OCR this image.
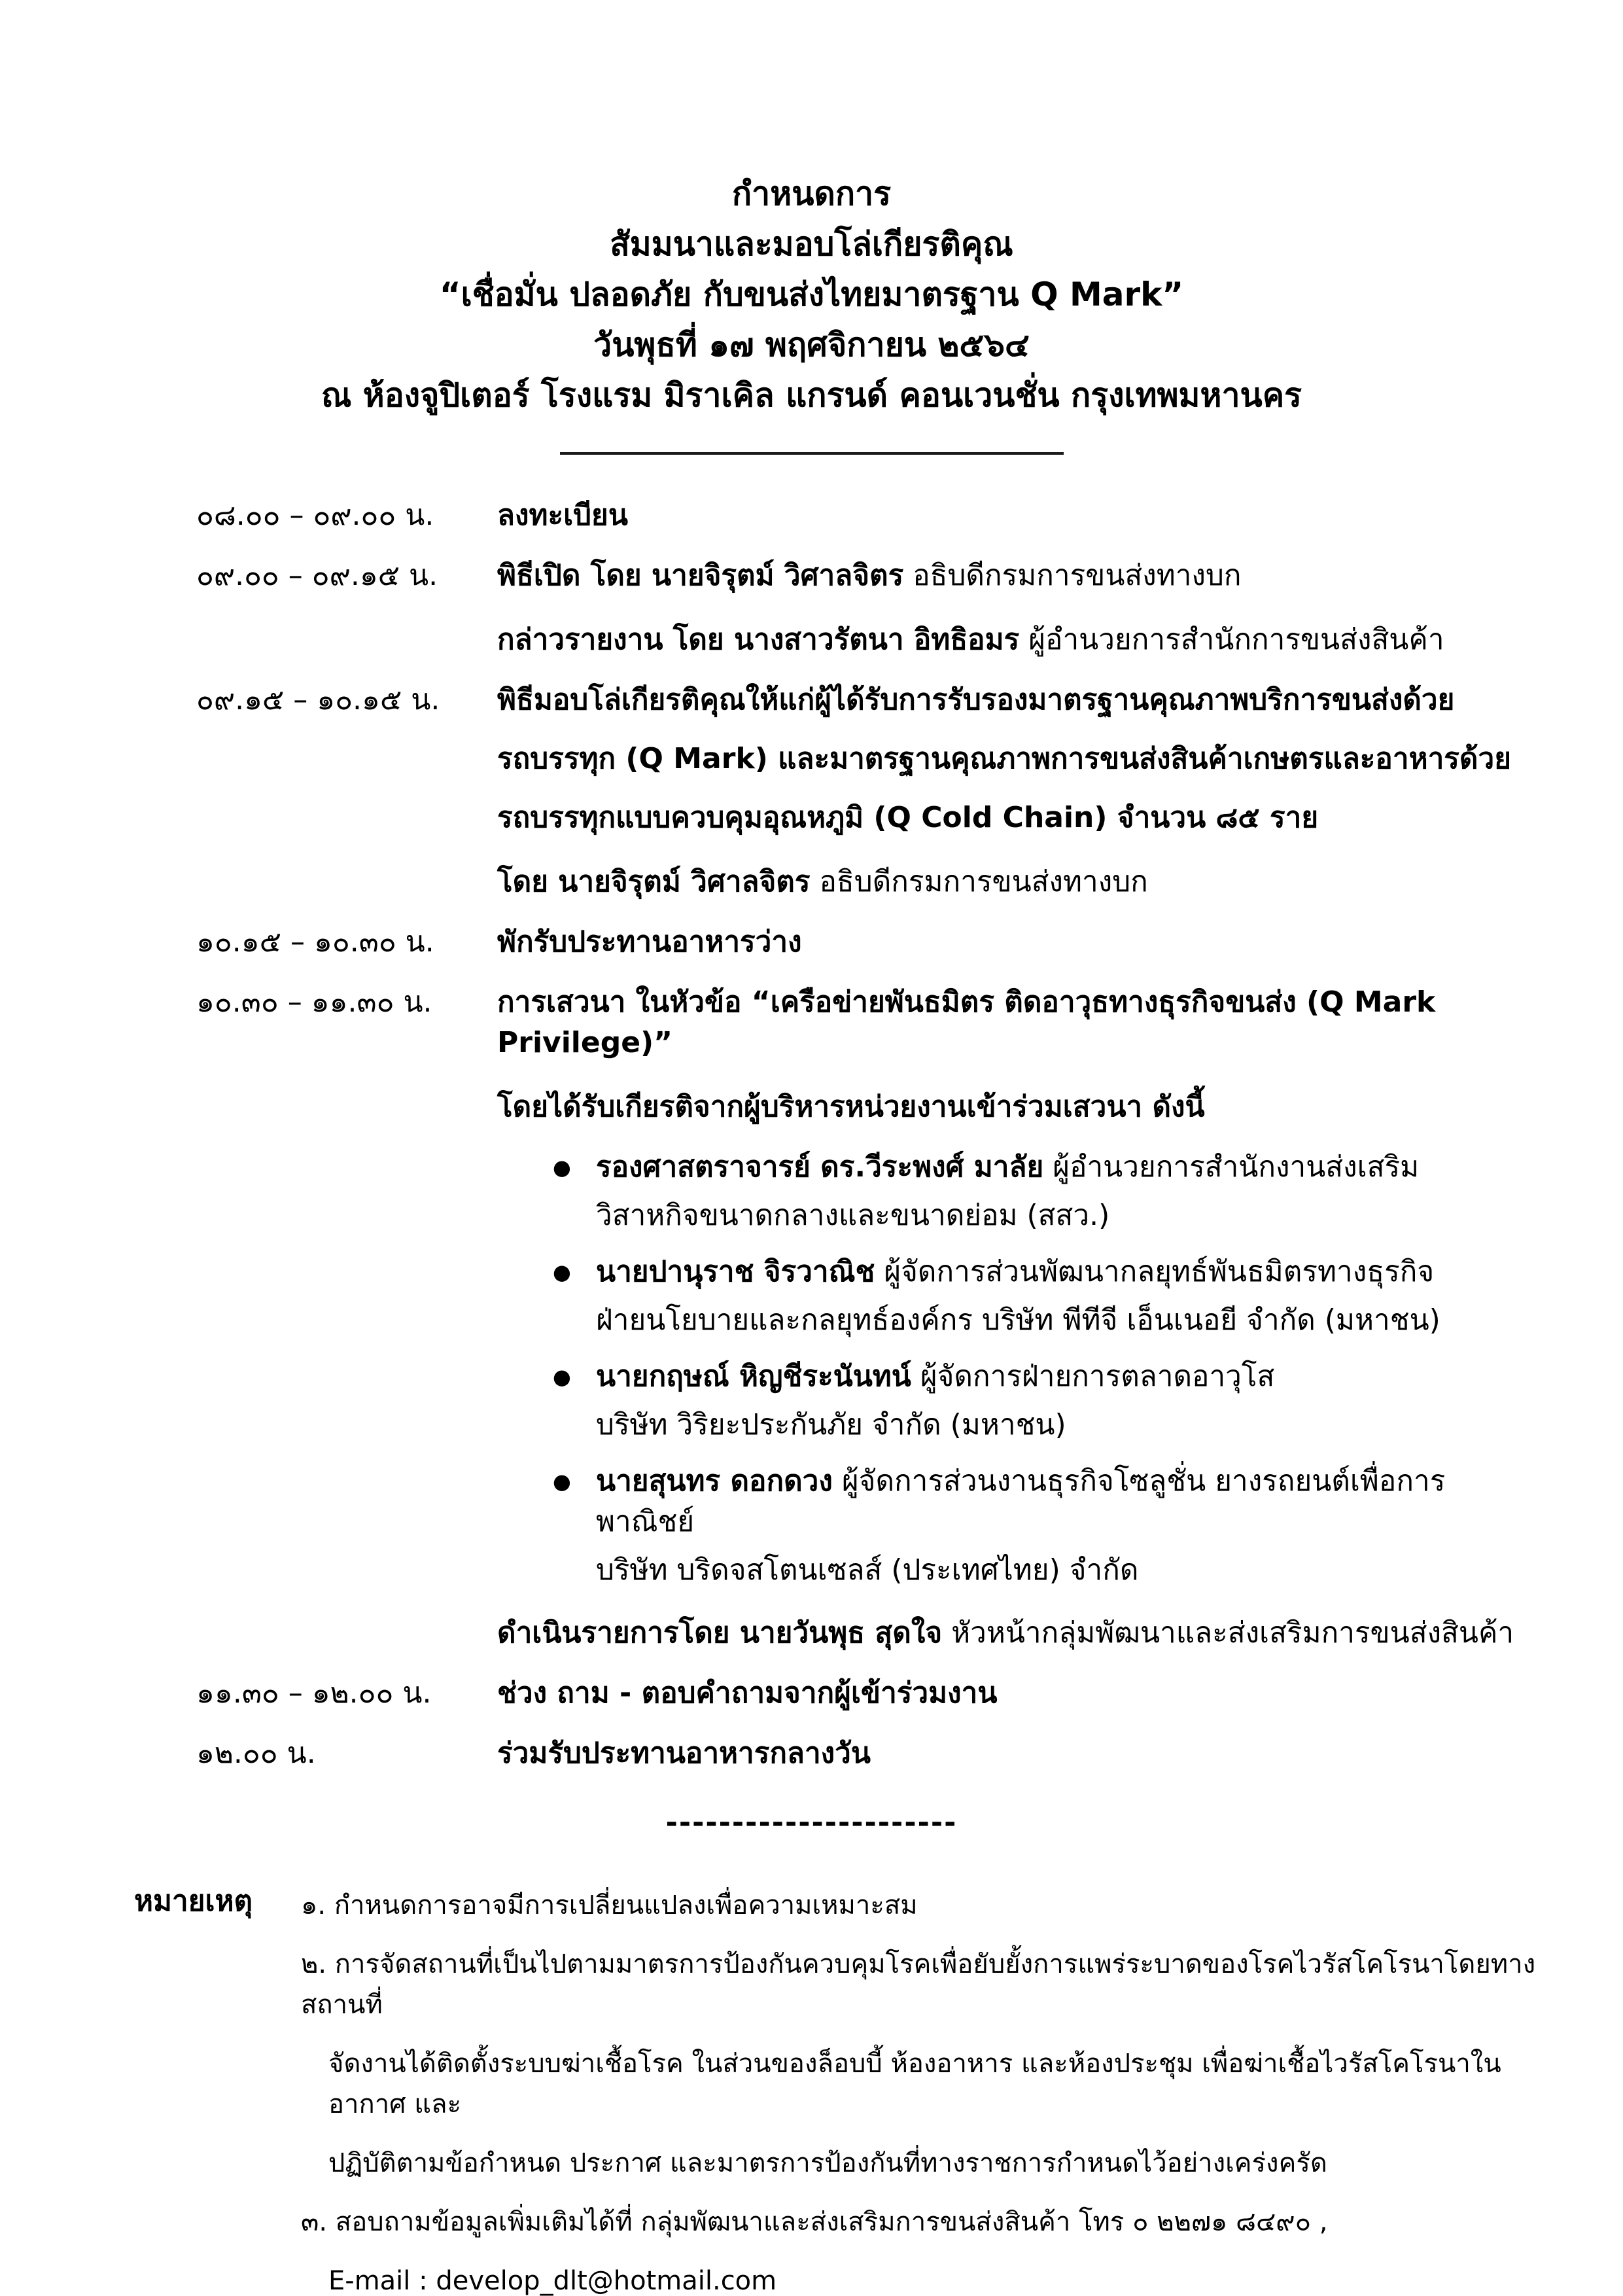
กำหนดการ
สัมมนาและมอบโล่เกียรติคุณ
“เชื่อมั่น ปลอดภัย กับขนส่งไทยมาตรฐาน Q Mark”
วันพุธที่ ๑๗ พฤศจิกายน ๒๕๖๔
ณ ห้องจูปิเตอร์ โรงแรม มิราเคิล แกรนด์ คอนเวนชั่น กรุงเทพมหานคร
๐๘.๐๐ – ๐๙.๐๐ น.	ลงทะเบียน
๐๙.๐๐ – ๐๙.๑๕ น.	พิธีเปิด โดย นายจิรุตม์ วิศาลจิตร อธิบดีกรมการขนส่งทางบก
กล่าวรายงาน โดย นางสาวรัตนา อิทธิอมร ผู้อำนวยการสำนักการขนส่งสินค้า
๐๙.๑๕ – ๑๐.๑๕ น.	พิธีมอบโล่เกียรติคุณให้แก่ผู้ได้รับการรับรองมาตรฐานคุณภาพบริการขนส่งด้วย
รถบรรทุก (Q Mark) และมาตรฐานคุณภาพการขนส่งสินค้าเกษตรและอาหารด้วย
รถบรรทุกแบบควบคุมอุณหภูมิ (Q Cold Chain) จำนวน ๘๕ ราย
โดย นายจิรุตม์ วิศาลจิตร อธิบดีกรมการขนส่งทางบก
๑๐.๑๕ – ๑๐.๓๐ น.	พักรับประทานอาหารว่าง
๑๐.๓๐ – ๑๑.๓๐ น.	การเสวนา ในหัวข้อ “เครือข่ายพันธมิตร ติดอาวุธทางธุรกิจขนส่ง (Q Mark Privilege)”
โดยได้รับเกียรติจากผู้บริหารหน่วยงานเข้าร่วมเสวนา ดังนี้
● รองศาสตราจารย์ ดร.วีระพงศ์ มาลัย ผู้อำนวยการสำนักงานส่งเสริม
วิสาหกิจขนาดกลางและขนาดย่อม (สสว.)
● นายปานุราช จิรวาณิช ผู้จัดการส่วนพัฒนากลยุทธ์พันธมิตรทางธุรกิจ
ฝ่ายนโยบายและกลยุทธ์องค์กร บริษัท พีทีจี เอ็นเนอยี จำกัด (มหาชน)
● นายกฤษณ์ หิญชีระนันทน์ ผู้จัดการฝ่ายการตลาดอาวุโส
บริษัท วิริยะประกันภัย จำกัด (มหาชน)
● นายสุนทร ดอกดวง ผู้จัดการส่วนงานธุรกิจโซลูชั่น ยางรถยนต์เพื่อการพาณิชย์
บริษัท บริดจสโตนเซลส์ (ประเทศไทย) จำกัด
ดำเนินรายการโดย นายวันพุธ สุดใจ หัวหน้ากลุ่มพัฒนาและส่งเสริมการขนส่งสินค้า
๑๑.๓๐ – ๑๒.๐๐ น.	ช่วง ถาม - ตอบคำถามจากผู้เข้าร่วมงาน
๑๒.๐๐ น.	ร่วมรับประทานอาหารกลางวัน
----------------------
หมายเหตุ	๑. กำหนดการอาจมีการเปลี่ยนแปลงเพื่อความเหมาะสม
๒. การจัดสถานที่เป็นไปตามมาตรการป้องกันควบคุมโรคเพื่อยับยั้งการแพร่ระบาดของโรคไวรัสโคโรนาโดยทางสถานที่
จัดงานได้ติดตั้งระบบฆ่าเชื้อโรค ในส่วนของล็อบบี้ ห้องอาหาร และห้องประชุม เพื่อฆ่าเชื้อไวรัสโคโรนาในอากาศ และ
ปฏิบัติตามข้อกำหนด ประกาศ และมาตรการป้องกันที่ทางราชการกำหนดไว้อย่างเคร่งครัด
๓. สอบถามข้อมูลเพิ่มเติมได้ที่ กลุ่มพัฒนาและส่งเสริมการขนส่งสินค้า โทร ๐ ๒๒๗๑ ๘๔๙๐ ,
E-mail : develop_dlt@hotmail.com
